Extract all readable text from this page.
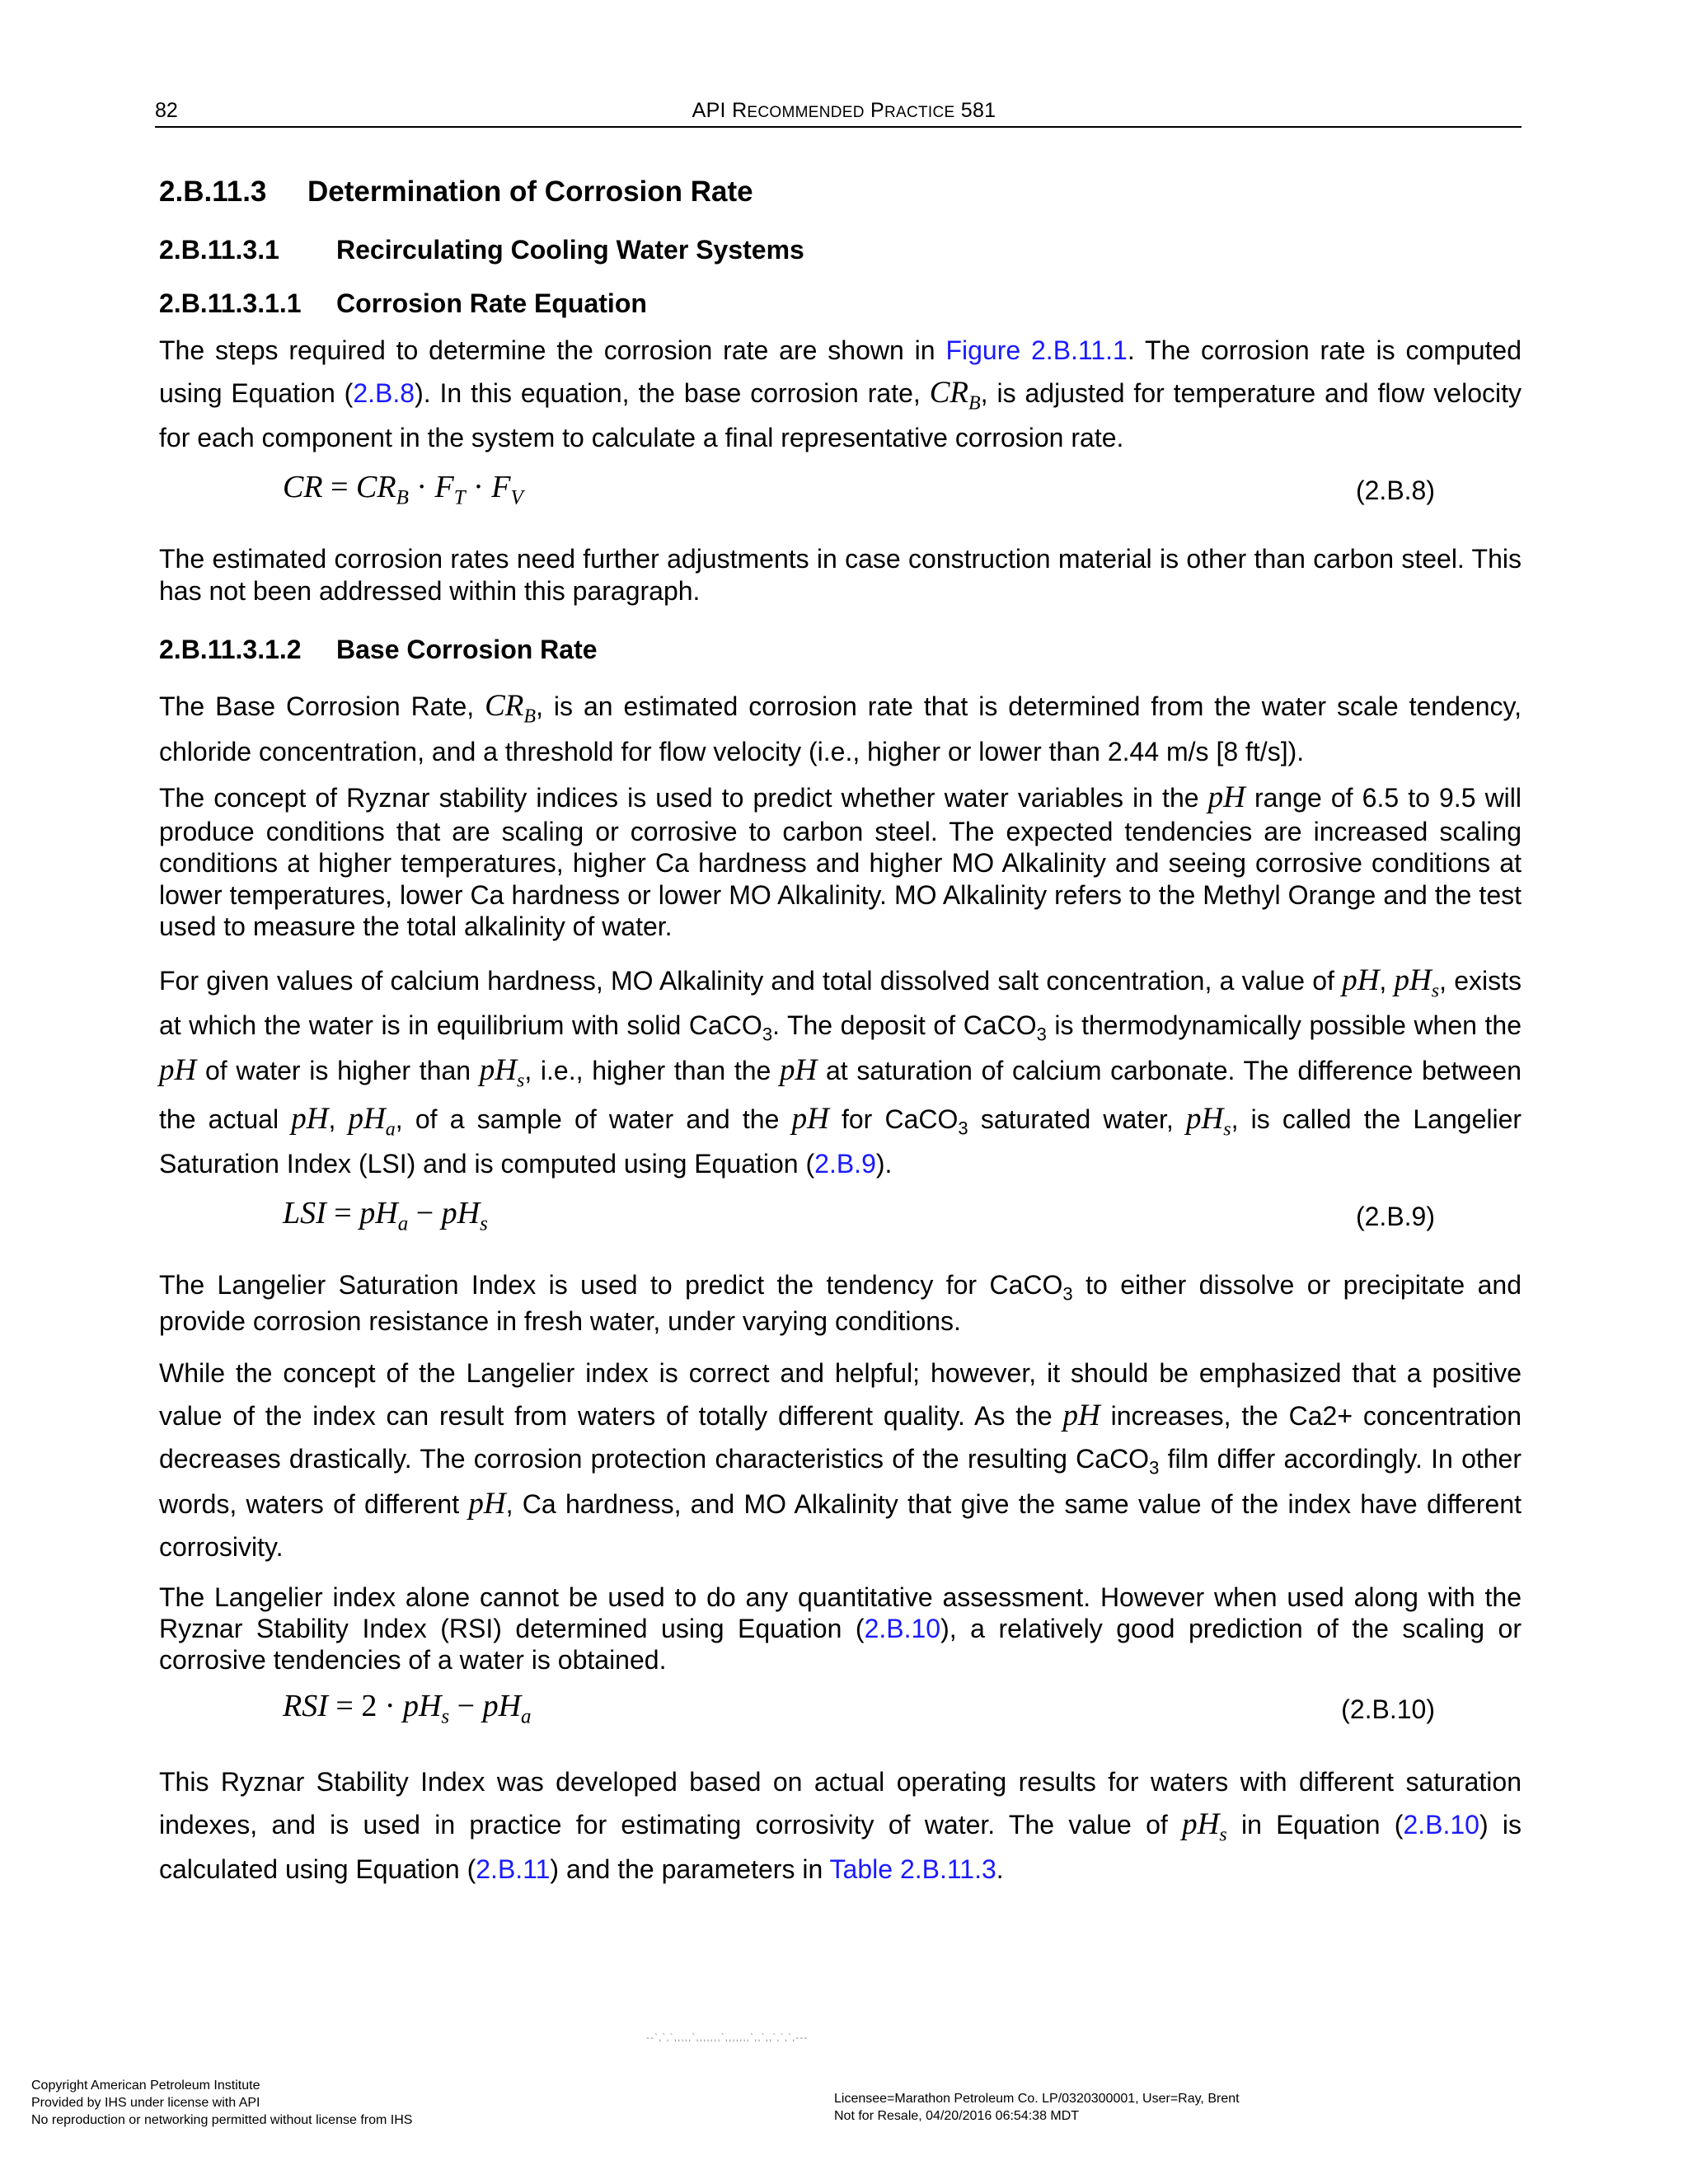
82	API RECOMMENDED PRACTICE 581
2.B.11.3 Determination of Corrosion Rate
2.B.11.3.1 Recirculating Cooling Water Systems
2.B.11.3.1.1 Corrosion Rate Equation

The steps required to determine the corrosion rate are shown in Figure 2.B.11.1. The corrosion rate is computed using Equation (2.B.8). In this equation, the base corrosion rate, $CR_B$, is adjusted for temperature and flow velocity for each component in the system to calculate a final representative corrosion rate.

CR = $CR_B \cdot F_T \cdot F_V$	(2.B.8)

The estimated corrosion rates need further adjustments in case construction material is other than carbon steel. This has not been addressed within this paragraph.

2.B.11.3.1.2 Base Corrosion Rate

The Base Corrosion Rate, $CR_B$, is an estimated corrosion rate that is determined from the water scale tendency, chloride concentration, and a threshold for flow velocity (i.e., higher or lower than 2.44 m/s [8 ft/s]).

The concept of Ryznar stability indices is used to predict whether water variables in the pH range of 6.5 to 9.5 will produce conditions that are scaling or corrosive to carbon steel. The expected tendencies are increased scaling conditions at higher temperatures, higher Ca hardness and higher MO Alkalinity and seeing corrosive conditions at lower temperatures, lower Ca hardness or lower MO Alkalinity. MO Alkalinity refers to the Methyl Orange and the test used to measure the total alkalinity of water.

For given values of calcium hardness, MO Alkalinity and total dissolved salt concentration, a value of pH, $pH_s$, exists at which the water is in equilibrium with solid CaCO$_3$. The deposit of CaCO$_3$ is thermodynamically possible when the pH of water is higher than $pH_s$, i.e., higher than the pH at saturation of calcium carbonate. The difference between the actual pH, $pH_a$, of a sample of water and the pH for CaCO$_3$ saturated water, $pH_s$, is called the Langelier Saturation Index (LSI) and is computed using Equation (2.B.9).

LSI = $pH_a - pH_s$	(2.B.9)

The Langelier Saturation Index is used to predict the tendency for CaCO$_3$ to either dissolve or precipitate and provide corrosion resistance in fresh water, under varying conditions.

While the concept of the Langelier index is correct and helpful; however, it should be emphasized that a positive value of the index can result from waters of totally different quality. As the pH increases, the Ca2+ concentration decreases drastically. The corrosion protection characteristics of the resulting CaCO$_3$ film differ accordingly. In other words, waters of different pH, Ca hardness, and MO Alkalinity that give the same value of the index have different corrosivity.

The Langelier index alone cannot be used to do any quantitative assessment. However when used along with the Ryznar Stability Index (RSI) determined using Equation (2.B.10), a relatively good prediction of the scaling or corrosive tendencies of a water is obtained.

RSI = $2 \cdot pH_s - pH_a$	(2.B.10)

This Ryznar Stability Index was developed based on actual operating results for waters with different saturation indexes, and is used in practice for estimating corrosivity of water. The value of $pH_s$ in Equation (2.B.10) is calculated using Equation (2.B.11) and the parameters in Table 2.B.11.3.

--`,`,`,,,,,`,,,,,,,`,,,,,,,`,,`,,`,`,`,---
Copyright American Petroleum Institute
Provided by IHS under license with API
No reproduction or networking permitted without license from IHS
Licensee=Marathon Petroleum Co. LP/0320300001, User=Ray, Brent
Not for Resale, 04/20/2016 06:54:38 MDT
